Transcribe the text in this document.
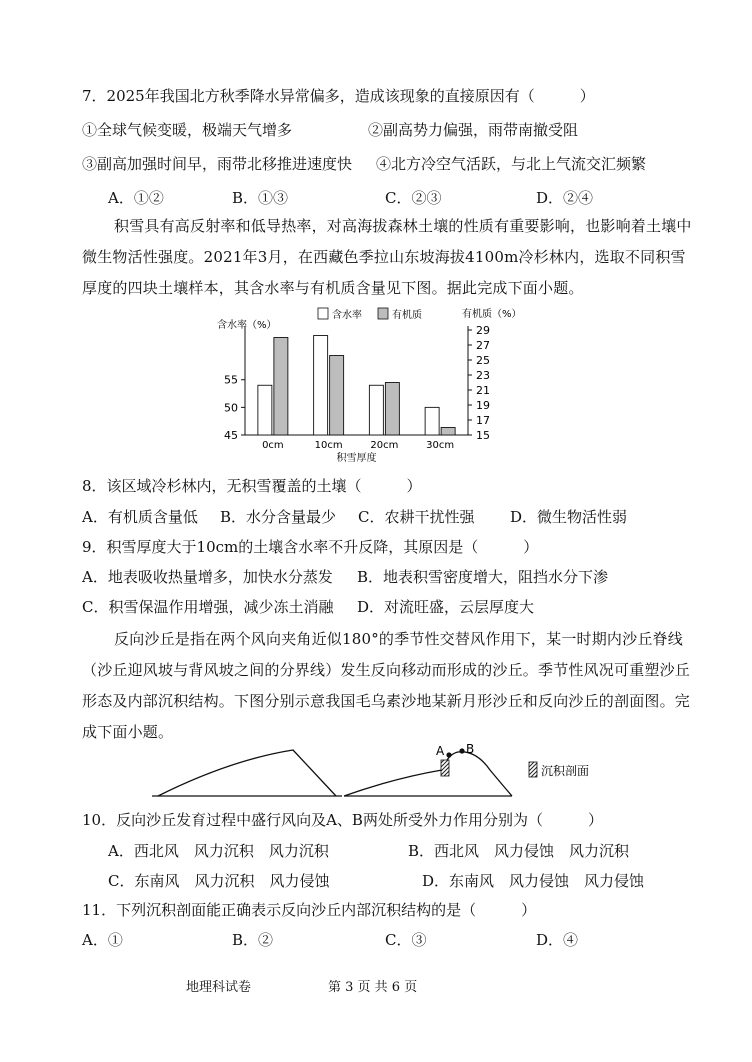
7．2025年我国北方秋季降水异常偏多，造成该现象的直接原因有（　　　）
①全球气候变暖，极端天气增多	②副高势力偏强，雨带南撤受阻
③副高加强时间早，雨带北移推进速度快 ④北方冷空气活跃，与北上气流交汇频繁
A．①②	B．①③	C．②③	D．②④
积雪具有高反射率和低导热率，对高海拔森林土壤的性质有重要影响，也影响着土壤中微生物活性强度。2021年3月，在西藏色季拉山东坡海拔4100m冷杉林内，选取不同积雪厚度的四块土壤样本，其含水率与有机质含量见下图。据此完成下面小题。
45
50
55
15
17
19
21
23
25
27
29
含水率（%）
有机质（%）
含水率	有机质
0cm	10cm	20cm	30cm
积雪厚度
8．该区域冷杉林内，无积雪覆盖的土壤（　　　）
A．有机质含量低 B．水分含量最少 C．农耕干扰性强 D．微生物活性弱
9．积雪厚度大于10cm的土壤含水率不升反降，其原因是（　　　）
A．地表吸收热量增多，加快水分蒸发 B．地表积雪密度增大，阻挡水分下渗
C．积雪保温作用增强，减少冻土消融 D．对流旺盛，云层厚度大
反向沙丘是指在两个风向夹角近似180°的季节性交替风作用下，某一时期内沙丘脊线（沙丘迎风坡与背风坡之间的分界线）发生反向移动而形成的沙丘。季节性风况可重塑沙丘形态及内部沉积结构。下图分别示意我国毛乌素沙地某新月形沙丘和反向沙丘的剖面图。完成下面小题。
A B
沉积剖面
10．反向沙丘发育过程中盛行风向及A、B两处所受外力作用分别为（　　　）
A．西北风　风力沉积　风力沉积	B．西北风　风力侵蚀　风力沉积
C．东南风　风力沉积　风力侵蚀	D．东南风　风力侵蚀　风力侵蚀
11．下列沉积剖面能正确表示反向沙丘内部沉积结构的是（　　　）
A．①	B．②	C．③	D．④
地理科试卷	第 3 页 共 6 页
